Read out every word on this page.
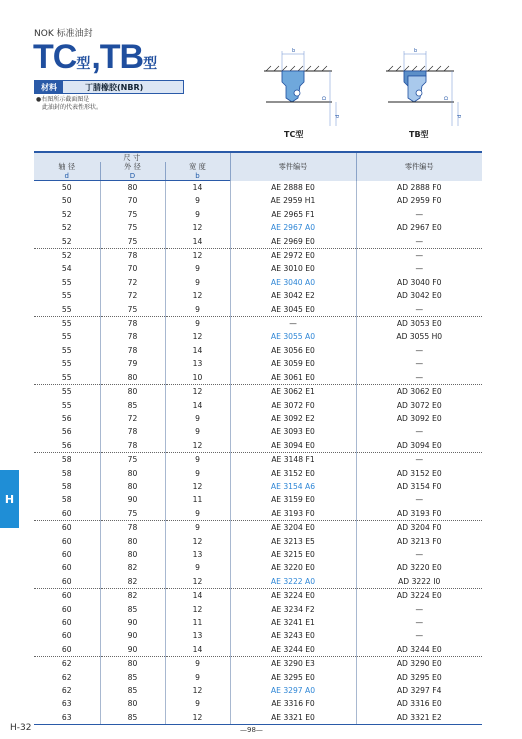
NOK 标准油封
TC 型 , TB 型
材料	丁腈橡胶(NBR)
●右图所示截面图是
　此油封的代表性形状。
b
D
d
TC型
b
D
d
TB型
H
尺 寸			零件编号	零件编号
轴 径
d	外 径
D	宽 度
b		

50	80	14	AE 2888 E0	AD 2888 F0
50	70	9	AE 2959 H1	AD 2959 F0
52	75	9	AE 2965 F1	—
52	75	12	AE 2967 A0	AD 2967 E0
52	75	14	AE 2969 E0	—
52	78	12	AE 2972 E0	—
54	70	9	AE 3010 E0	—
55	72	9	AE 3040 A0	AD 3040 F0
55	72	12	AE 3042 E2	AD 3042 E0
55	75	9	AE 3045 E0	—
55	78	9	—	AD 3053 E0
55	78	12	AE 3055 A0	AD 3055 H0
55	78	14	AE 3056 E0	—
55	79	13	AE 3059 E0	—
55	80	10	AE 3061 E0	—
55	80	12	AE 3062 E1	AD 3062 E0
55	85	14	AE 3072 F0	AD 3072 E0
56	72	9	AE 3092 E2	AD 3092 E0
56	78	9	AE 3093 E0	—
56	78	12	AE 3094 E0	AD 3094 E0
58	75	9	AE 3148 F1	—
58	80	9	AE 3152 E0	AD 3152 E0
58	80	12	AE 3154 A6	AD 3154 F0
58	90	11	AE 3159 E0	—
60	75	9	AE 3193 F0	AD 3193 F0
60	78	9	AE 3204 E0	AD 3204 F0
60	80	12	AE 3213 E5	AD 3213 F0
60	80	13	AE 3215 E0	—
60	82	9	AE 3220 E0	AD 3220 E0
60	82	12	AE 3222 A0	AD 3222 I0
60	82	14	AE 3224 E0	AD 3224 E0
60	85	12	AE 3234 F2	—
60	90	11	AE 3241 E1	—
60	90	13	AE 3243 E0	—
60	90	14	AE 3244 E0	AD 3244 E0
62	80	9	AE 3290 E3	AD 3290 E0
62	85	9	AE 3295 E0	AD 3295 E0
62	85	12	AE 3297 A0	AD 3297 F4
63	80	9	AE 3316 F0	AD 3316 E0
63	85	12	AE 3321 E0	AD 3321 E2
H-32	—98—
